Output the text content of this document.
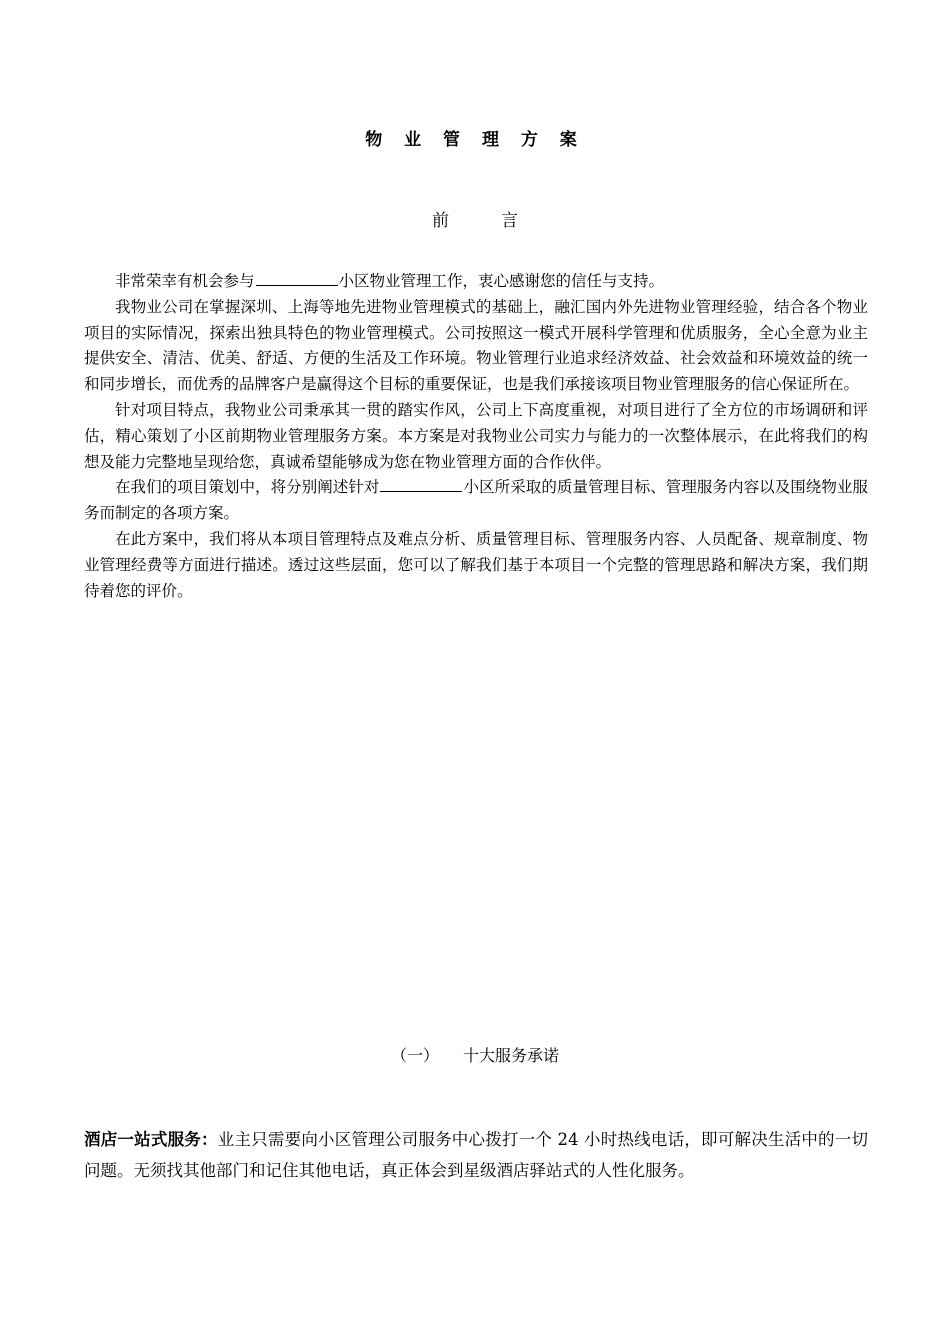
物 业 管 理 方 案
前	言

非常荣幸有机会参与	小区物业管理工作，衷心感谢您的信任与支持。

我物业公司在掌握深圳、上海等地先进物业管理模式的基础上，融汇国内外先进物业管理经验，结合各个物业项目的实际情况，探索出独具特色的物业管理模式。公司按照这一模式开展科学管理和优质服务，全心全意为业主提供安全、清洁、优美、舒适、方便的生活及工作环境。物业管理行业追求经济效益、社会效益和环境效益的统一和同步增长，而优秀的品牌客户是赢得这个目标的重要保证，也是我们承接该项目物业管理服务的信心保证所在。

针对项目特点，我物业公司秉承其一贯的踏实作风，公司上下高度重视，对项目进行了全方位的市场调研和评估，精心策划了小区前期物业管理服务方案。本方案是对我物业公司实力与能力的一次整体展示，在此将我们的构想及能力完整地呈现给您，真诚希望能够成为您在物业管理方面的合作伙伴。

在我们的项目策划中，将分别阐述针对	小区所采取的质量管理目标、管理服务内容以及围绕物业服务而制定的各项方案。

在此方案中，我们将从本项目管理特点及难点分析、质量管理目标、管理服务内容、人员配备、规章制度、物业管理经费等方面进行描述。透过这些层面，您可以了解我们基于本项目一个完整的管理思路和解决方案，我们期待着您的评价。

（一） 十大服务承诺

酒店一站式服务：业主只需要向小区管理公司服务中心拨打一个 24 小时热线电话，即可解决生活中的一切问题。无须找其他部门和记住其他电话，真正体会到星级酒店驿站式的人性化服务。
